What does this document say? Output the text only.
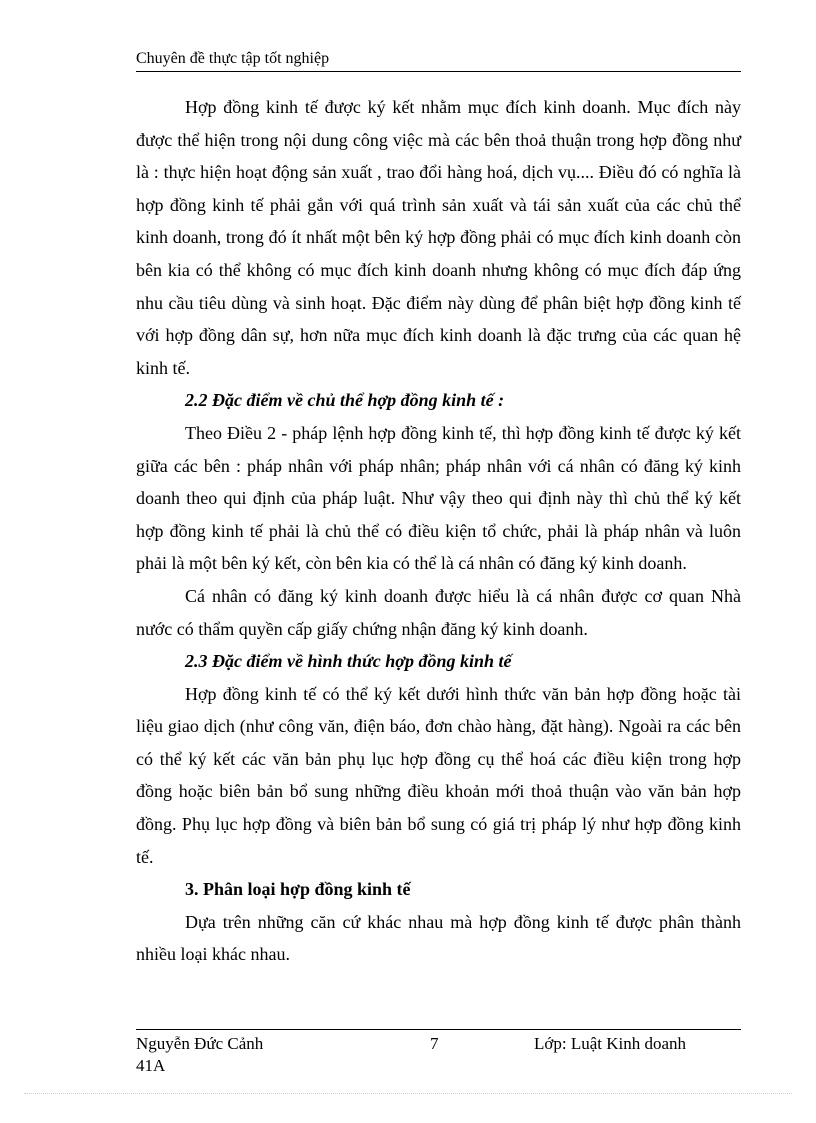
Chuyên đề thực tập tốt nghiệp

Hợp đồng kinh tế được ký kết nhằm mục đích kinh doanh. Mục đích này được thể hiện trong nội dung công việc mà các bên thoả thuận trong hợp đồng như là : thực hiện hoạt động sản xuất , trao đổi hàng hoá, dịch vụ.... Điều đó có nghĩa là hợp đồng kinh tế phải gắn với quá trình sản xuất và tái sản xuất của các chủ thể kinh doanh, trong đó ít nhất một bên ký hợp đồng phải có mục đích kinh doanh còn bên kia có thể không có mục đích kinh doanh nhưng không có mục đích đáp ứng nhu cầu tiêu dùng và sinh hoạt. Đặc điểm này dùng để phân biệt hợp đồng kinh tế với hợp đồng dân sự, hơn nữa mục đích kinh doanh là đặc trưng của các quan hệ kinh tế.

2.2 Đặc điểm về chủ thể hợp đồng kinh tế :

Theo Điều 2 - pháp lệnh hợp đồng kinh tế, thì hợp đồng kinh tế được ký kết giữa các bên : pháp nhân với pháp nhân; pháp nhân với cá nhân có đăng ký kinh doanh theo qui định của pháp luật. Như vậy theo qui định này thì chủ thể ký kết hợp đồng kinh tế phải là chủ thể có điều kiện tổ chức, phải là pháp nhân và luôn phải là một bên ký kết, còn bên kia có thể là cá nhân có đăng ký kinh doanh.

Cá nhân có đăng ký kinh doanh được hiểu là cá nhân được cơ quan Nhà nước có thẩm quyền cấp giấy chứng nhận đăng ký kinh doanh.

2.3 Đặc điểm về hình thức hợp đồng kinh tế

Hợp đồng kinh tế có thể ký kết dưới hình thức văn bản hợp đồng hoặc tài liệu giao dịch (như công văn, điện báo, đơn chào hàng, đặt hàng). Ngoài ra các bên có thể ký kết các văn bản phụ lục hợp đồng cụ thể hoá các điều kiện trong hợp đồng hoặc biên bản bổ sung những điều khoản mới thoả thuận vào văn bản hợp đồng. Phụ lục hợp đồng và biên bản bổ sung có giá trị pháp lý như hợp đồng kinh tế.

3. Phân loại hợp đồng kinh tế

Dựa trên những căn cứ khác nhau mà hợp đồng kinh tế được phân thành nhiều loại khác nhau.

Nguyễn Đức Cảnh
41A
7	Lớp: Luật Kinh doanh
